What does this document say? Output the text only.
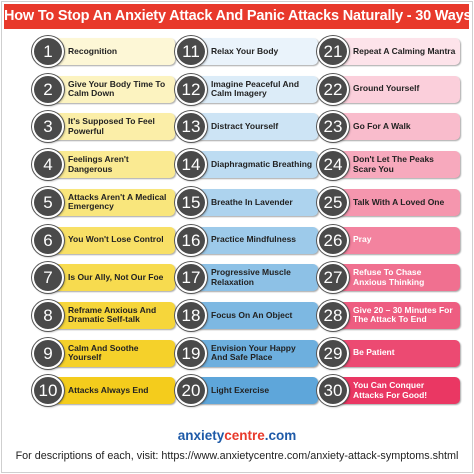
How To Stop An Anxiety Attack And Panic Attacks Naturally - 30 Ways
Recognition
1
Give Your Body Time To Calm Down
2
It's Supposed To Feel Powerful
3
Feelings Aren't Dangerous
4
Attacks Aren't A Medical Emergency
5
You Won't Lose Control
6
Is Our Ally, Not Our Foe
7
Reframe Anxious And Dramatic Self-talk
8
Calm And Soothe Yourself
9
Attacks Always End
10
Relax Your Body
11
Imagine Peaceful And Calm Imagery
12
Distract Yourself
13
Diaphragmatic Breathing
14
Breathe In Lavender
15
Practice Mindfulness
16
Progressive Muscle Relaxation
17
Focus On An Object
18
Envision Your Happy And Safe Place
19
Light Exercise
20
Repeat A Calming Mantra
21
Ground Yourself
22
Go For A Walk
23
Don't Let The Peaks Scare You
24
Talk With A Loved One
25
Pray
26
Refuse To Chase Anxious Thinking
27
Give 20 – 30 Minutes For The Attack To End
28
Be Patient
29
You Can Conquer Attacks For Good!
30
anxietycentre.com
For descriptions of each, visit: https://www.anxietycentre.com/anxiety-attack-symptoms.shtml
